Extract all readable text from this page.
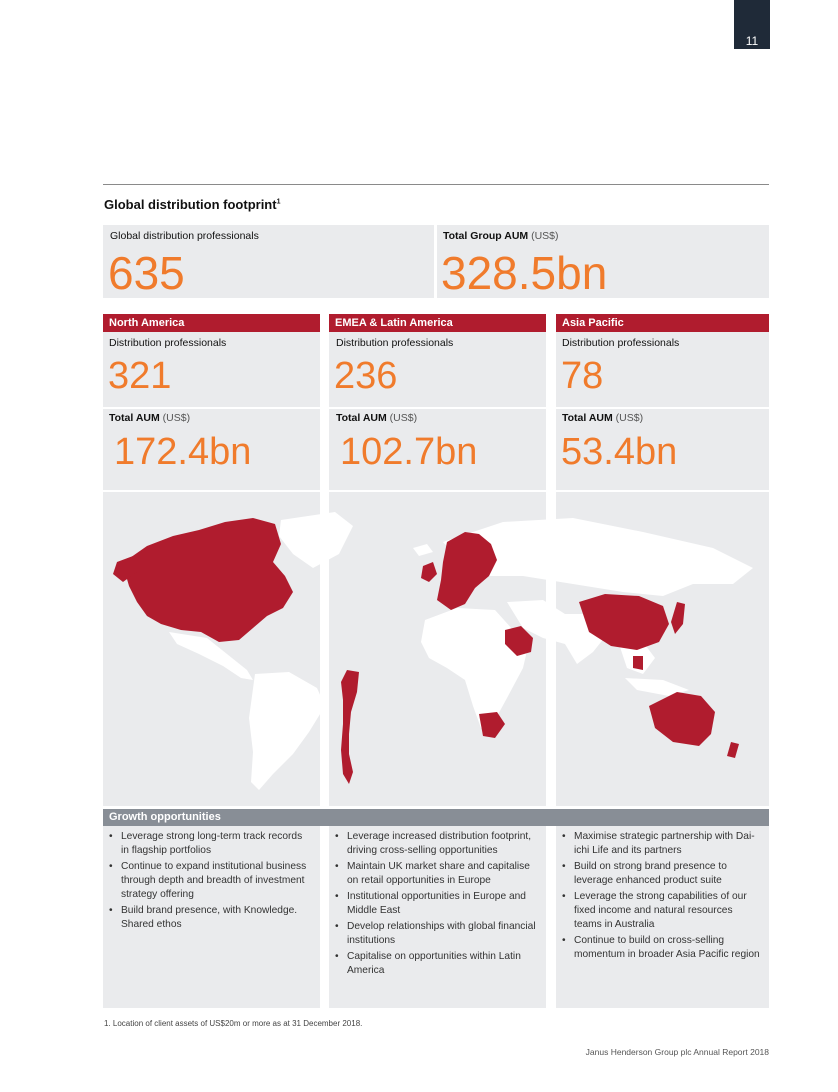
11
Global distribution footprint$^1$
Global distribution professionals
635
Total Group AUM (US$)
328.5bn
North America	EMEA & Latin America	Asia Pacific
Distribution professionals
321
Total AUM (US$)
172.4bn
Distribution professionals
236
Total AUM (US$)
102.7bn
Distribution professionals
78
Total AUM (US$)
53.4bn
Growth opportunities
• Leverage strong long-term track records in flagship portfolios
• Continue to expand institutional business through depth and breadth of investment strategy offering
• Build brand presence, with Knowledge. Shared ethos
• Leverage increased distribution footprint, driving cross-selling opportunities
• Maintain UK market share and capitalise on retail opportunities in Europe
• Institutional opportunities in Europe and Middle East
• Develop relationships with global financial institutions
• Capitalise on opportunities within Latin America
• Maximise strategic partnership with Dai-ichi Life and its partners
• Build on strong brand presence to leverage enhanced product suite
• Leverage the strong capabilities of our fixed income and natural resources teams in Australia
• Continue to build on cross-selling momentum in broader Asia Pacific region
1. Location of client assets of US$20m or more as at 31 December 2018.
Janus Henderson Group plc Annual Report 2018
